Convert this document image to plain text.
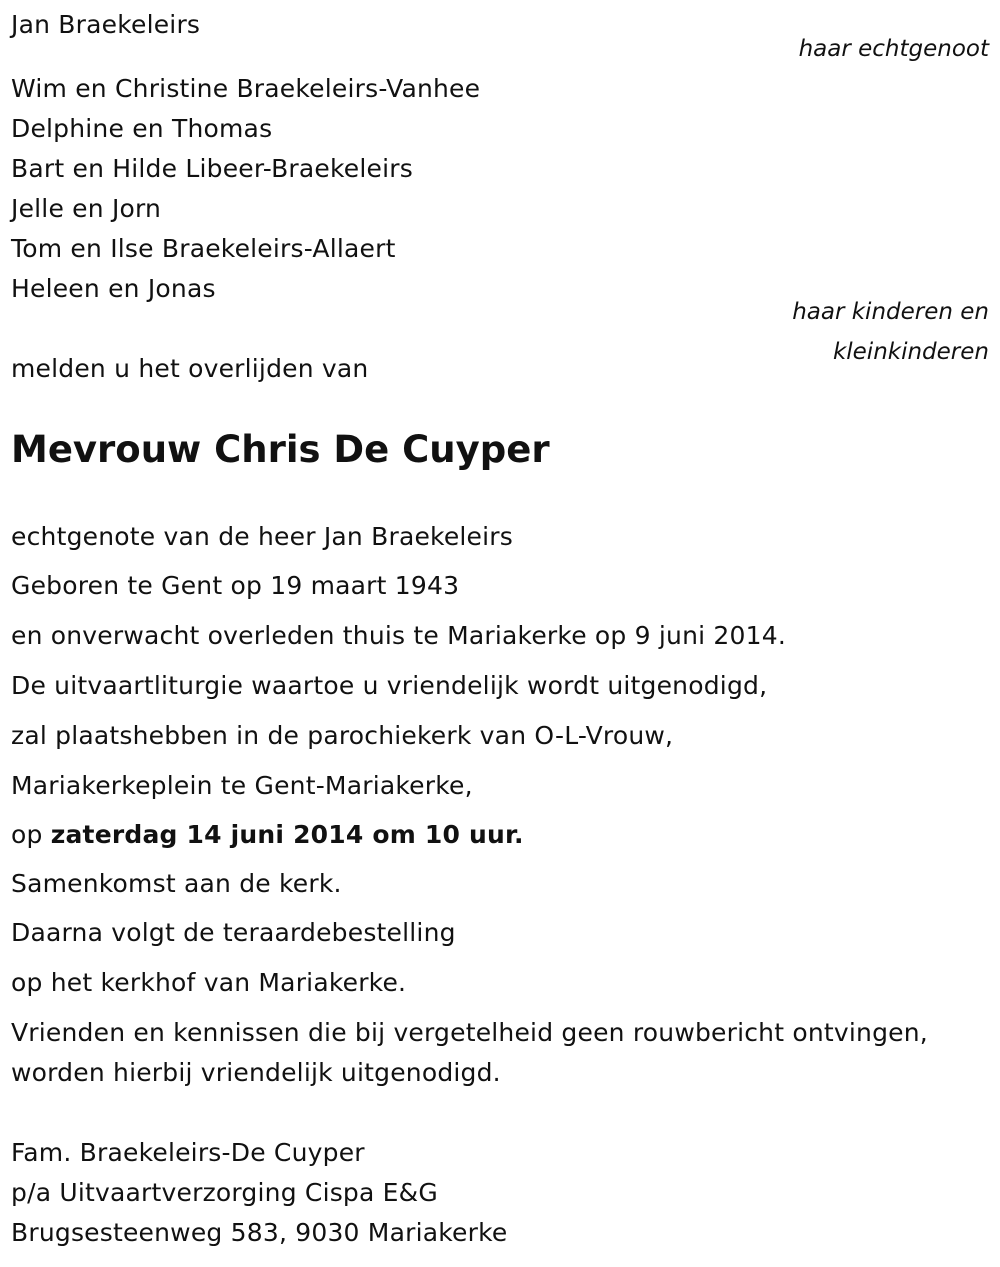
Jan Braekeleirs
haar echtgenoot
Wim en Christine Braekeleirs-Vanhee
Delphine en Thomas
Bart en Hilde Libeer-Braekeleirs
Jelle en Jorn
Tom en Ilse Braekeleirs-Allaert
Heleen en Jonas
haar kinderen en
kleinkinderen
melden u het overlijden van
Mevrouw Chris De Cuyper
echtgenote van de heer Jan Braekeleirs
Geboren te Gent op 19 maart 1943
en onverwacht overleden thuis te Mariakerke op 9 juni 2014.
De uitvaartliturgie waartoe u vriendelijk wordt uitgenodigd,
zal plaatshebben in de parochiekerk van O-L-Vrouw,
Mariakerkeplein te Gent-Mariakerke,
op zaterdag 14 juni 2014 om 10 uur.
Samenkomst aan de kerk.
Daarna volgt de teraardebestelling
op het kerkhof van Mariakerke.
Vrienden en kennissen die bij vergetelheid geen rouwbericht ontvingen,
worden hierbij vriendelijk uitgenodigd.
Fam. Braekeleirs-De Cuyper
p/a Uitvaartverzorging Cispa E&G
Brugsesteenweg 583, 9030 Mariakerke
